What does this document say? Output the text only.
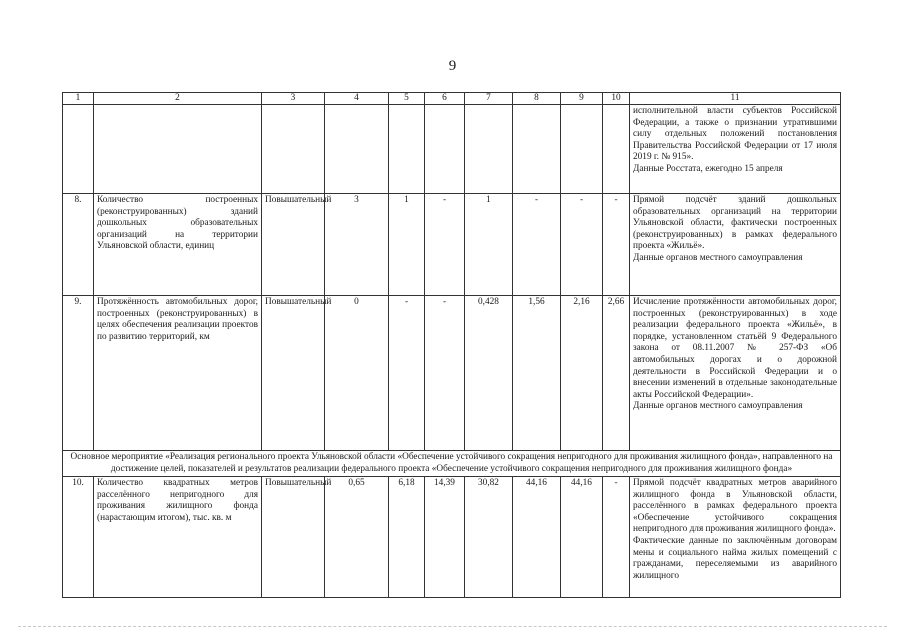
9
1	2	3	4	5	6	7	8	9	10	11

										исполнительной власти субъектов Российской Федерации, а также о признании утратившими силу отдельных положений постановления Правительства Российской Федерации от 17 июля 2019 г. № 915».

Данные Росстата, ежегодно 15 апреля

8.	Количество построенных (реконструированных) зданий дошкольных образовательных организаций на территории Ульяновской области, единиц	Повышательный	3	1	-	1	-	-	-	Прямой подсчёт зданий дошкольных образовательных организаций на территории Ульяновской области, фактически построенных (реконструированных) в рамках федерального проекта «Жильё».

Данные органов местного самоуправления

9.	Протяжённость автомобильных дорог, построенных (реконструированных) в целях обеспечения реализации проектов по развитию территорий, км	Повышательный	0	-	-	0,428	1,56	2,16	2,66	Исчисление протяжённости автомобильных дорог, построенных (реконструированных) в ходе реализации федерального проекта «Жильё», в порядке, установленном статьёй 9 Федерального закона от 08.11.2007 № 257-ФЗ «Об автомобильных дорогах и о дорожной деятельности в Российской Федерации и о внесении изменений в отдельные законодательные акты Российской Федерации».

Данные органов местного самоуправления

Основное мероприятие «Реализация регионального проекта Ульяновской области «Обеспечение устойчивого сокращения непригодного для проживания жилищного фонда», направленного на достижение целей, показателей и результатов реализации федерального проекта «Обеспечение устойчивого сокращения непригодного для проживания жилищного фонда»										
10.	Количество квадратных метров расселённого непригодного для проживания жилищного фонда (нарастающим итогом), тыс. кв. м	Повышательный	0,65	6,18	14,39	30,82	44,16	44,16	-	Прямой подсчёт квадратных метров аварийного жилищного фонда в Ульяновской области, расселённого в рамках федерального проекта «Обеспечение устойчивого сокращения непригодного для проживания жилищного фонда».

Фактические данные по заключённым договорам мены и социального найма жилых помещений с гражданами, переселяемыми из аварийного жилищного
